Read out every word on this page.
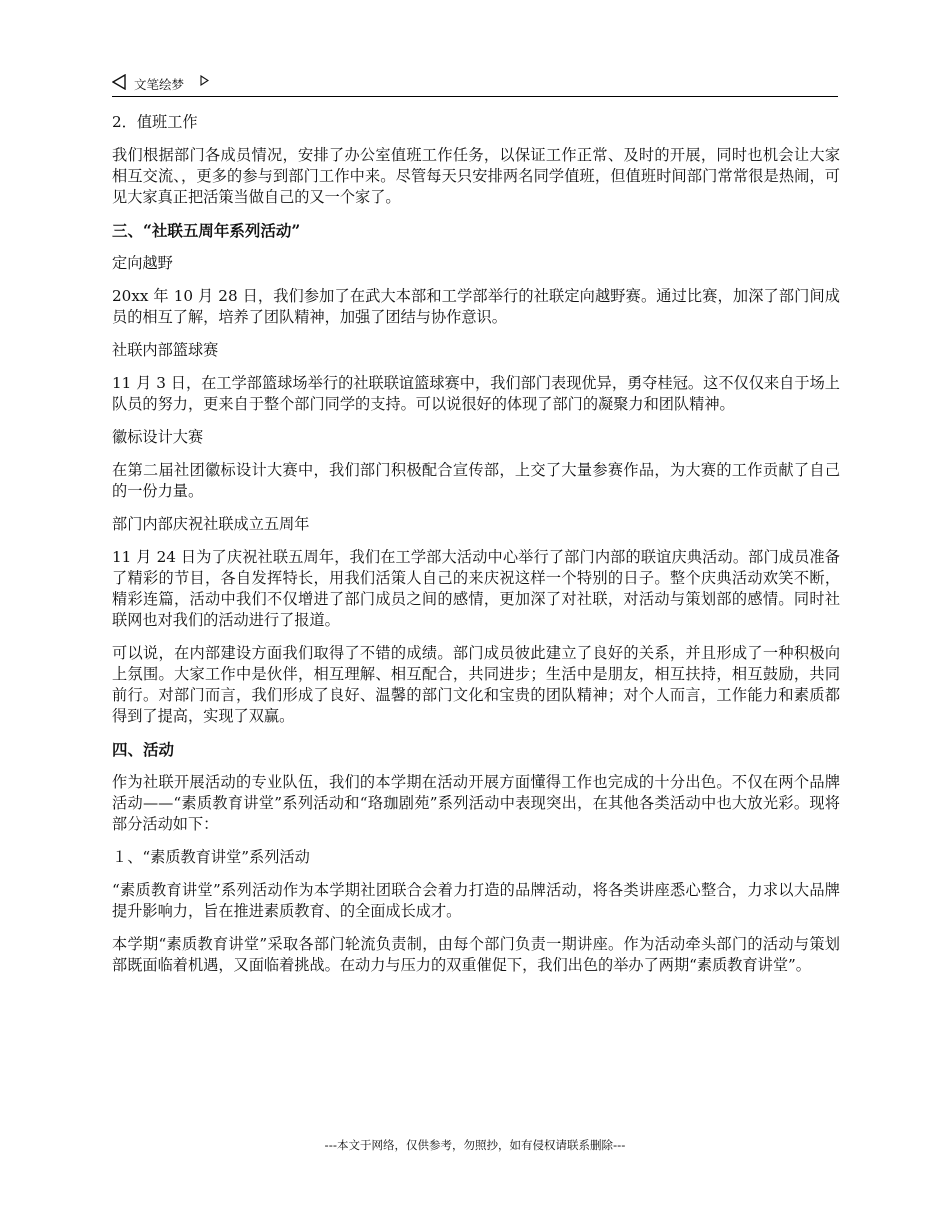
文笔绘梦

2．值班工作

我们根据部门各成员情况，安排了办公室值班工作任务，以保证工作正常、及时的开展，同时也机会让大家相互交流、，更多的参与到部门工作中来。尽管每天只安排两名同学值班，但值班时间部门常常很是热闹，可见大家真正把活策当做自己的又一个家了。

三、“社联五周年系列活动”

定向越野

20xx 年 10 月 28 日，我们参加了在武大本部和工学部举行的社联定向越野赛。通过比赛，加深了部门间成员的相互了解，培养了团队精神，加强了团结与协作意识。

社联内部篮球赛

11 月 3 日，在工学部篮球场举行的社联联谊篮球赛中，我们部门表现优异，勇夺桂冠。这不仅仅来自于场上队员的努力，更来自于整个部门同学的支持。可以说很好的体现了部门的凝聚力和团队精神。

徽标设计大赛

在第二届社团徽标设计大赛中，我们部门积极配合宣传部，上交了大量参赛作品，为大赛的工作贡献了自己的一份力量。

部门内部庆祝社联成立五周年

11 月 24 日为了庆祝社联五周年，我们在工学部大活动中心举行了部门内部的联谊庆典活动。部门成员准备了精彩的节目，各自发挥特长，用我们活策人自己的来庆祝这样一个特别的日子。整个庆典活动欢笑不断，精彩连篇，活动中我们不仅增进了部门成员之间的感情，更加深了对社联，对活动与策划部的感情。同时社联网也对我们的活动进行了报道。

可以说，在内部建设方面我们取得了不错的成绩。部门成员彼此建立了良好的关系，并且形成了一种积极向上氛围。大家工作中是伙伴，相互理解、相互配合，共同进步；生活中是朋友，相互扶持，相互鼓励，共同前行。对部门而言，我们形成了良好、温馨的部门文化和宝贵的团队精神；对个人而言，工作能力和素质都得到了提高，实现了双赢。

四、活动

作为社联开展活动的专业队伍，我们的本学期在活动开展方面懂得工作也完成的十分出色。不仅在两个品牌活动——“素质教育讲堂”系列活动和“珞珈剧苑”系列活动中表现突出，在其他各类活动中也大放光彩。现将部分活动如下：

１、“素质教育讲堂”系列活动

“素质教育讲堂”系列活动作为本学期社团联合会着力打造的品牌活动，将各类讲座悉心整合，力求以大品牌提升影响力，旨在推进素质教育、的全面成长成才。

本学期“素质教育讲堂”采取各部门轮流负责制，由每个部门负责一期讲座。作为活动牵头部门的活动与策划部既面临着机遇，又面临着挑战。在动力与压力的双重催促下，我们出色的举办了两期“素质教育讲堂”。

---本文于网络，仅供参考，勿照抄，如有侵权请联系删除---
